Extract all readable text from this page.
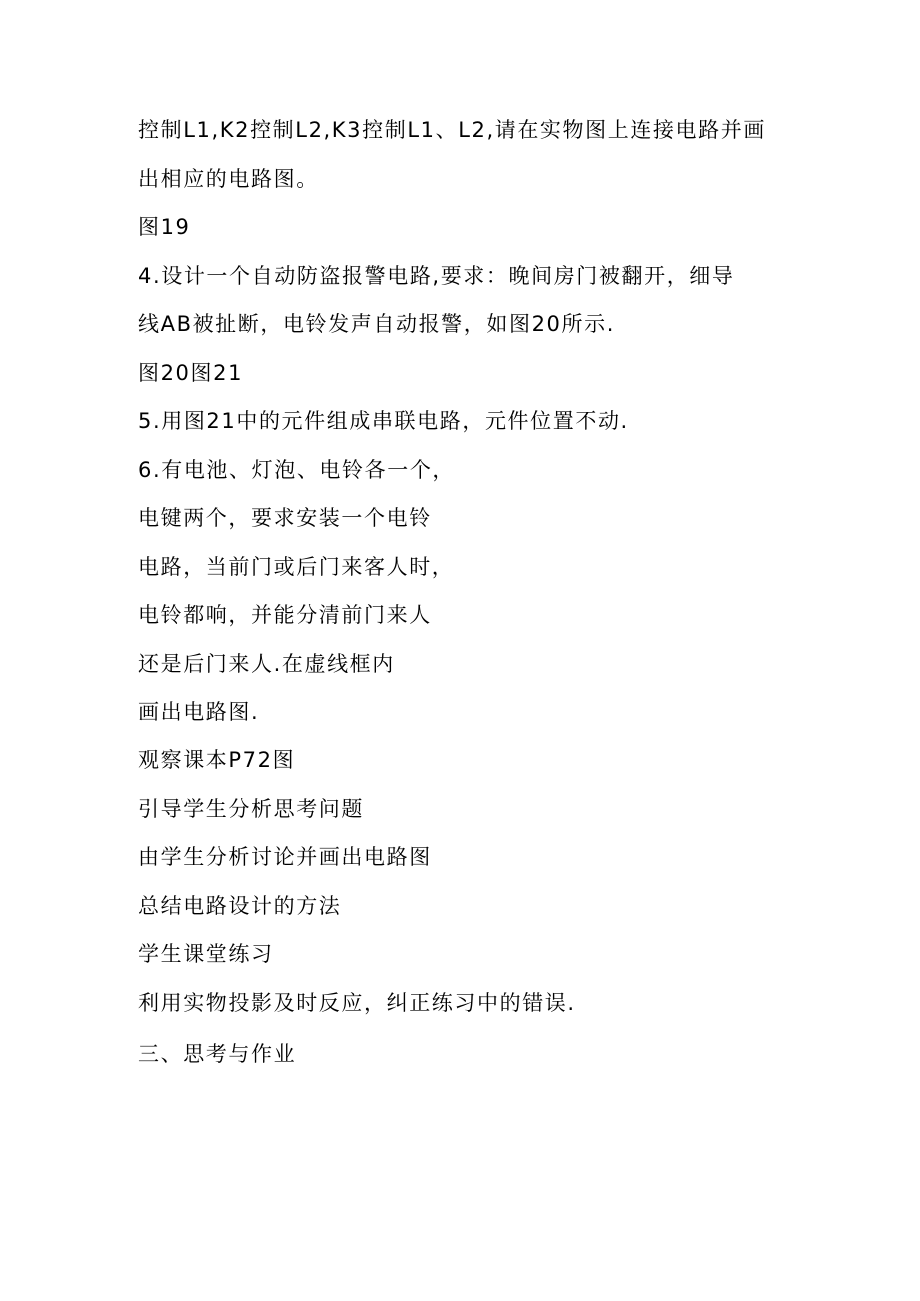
控制L1,K2控制L2,K3控制L1、L2,请在实物图上连接电路并画
出相应的电路图。
图19
4.设计一个自动防盗报警电路,要求：晚间房门被翻开，细导
线AB被扯断，电铃发声自动报警，如图20所示.
图20图21
5.用图21中的元件组成串联电路，元件位置不动.
6.有电池、灯泡、电铃各一个，
电键两个，要求安装一个电铃
电路，当前门或后门来客人时，
电铃都响，并能分清前门来人
还是后门来人.在虚线框内
画出电路图.
观察课本P72图
引导学生分析思考问题
由学生分析讨论并画出电路图
总结电路设计的方法
学生课堂练习
利用实物投影及时反应，纠正练习中的错误.
三、思考与作业
